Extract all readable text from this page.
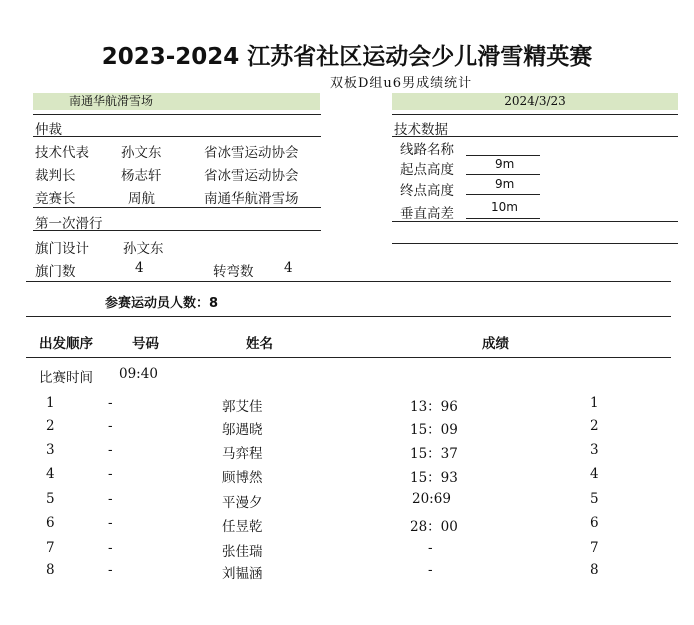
2023-2024 江苏省社区运动会少儿滑雪精英赛
双板D组u6男成绩统计
南通华航滑雪场	2024/3/23
仲裁
技术代表 孙文东	省冰雪运动协会
裁判长	杨志轩	省冰雪运动协会
竞赛长	周航	南通华航滑雪场
第一次滑行
旗门设计	孙文东
旗门数	4	转弯数 4
技术数据
线路名称
起点高度	9m
终点高度	9m
垂直高差	10m
参赛运动员人数：8
出发顺序	号码	姓名	成绩
比赛时间 09:40
1	-	郭艾佳	13：96	1
2	-	邬遇晓	15：09	2
3	-	马弈程	15：37	3
4	-	顾博然	15：93	4
5	-	平漫夕	20:69	5
6	-	任昱乾	28：00	6
7	-	张佳瑞	-	7
8	-	刘韫涵	-	8
